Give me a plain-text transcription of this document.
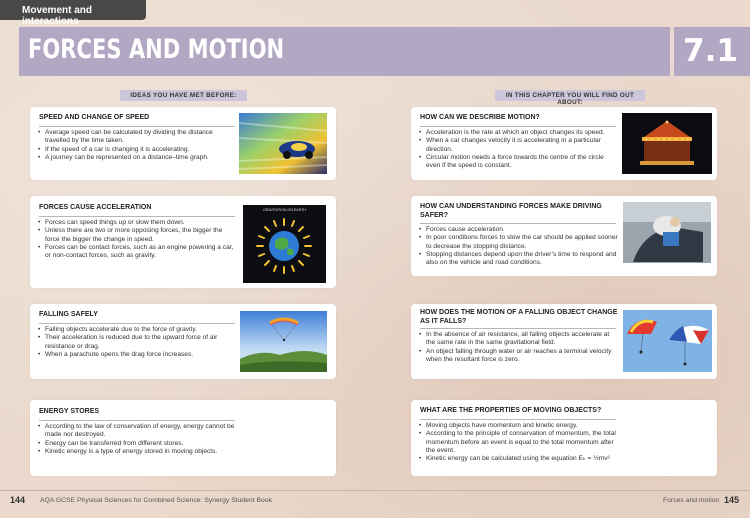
Movement and interactions
FORCES AND MOTION	7.1
IDEAS YOU HAVE MET BEFORE:	IN THIS CHAPTER YOU WILL FIND OUT ABOUT:
SPEED AND CHANGE OF SPEED
• Average speed can be calculated by dividing the distance travelled by the time taken.
• If the speed of a car is changing it is accelerating.
• A journey can be represented on a distance–time graph.
FORCES CAUSE ACCELERATION
• Forces can speed things up or slow them down.
• Unless there are two or more opposing forces, the bigger the force the bigger the change in speed.
• Forces can be contact forces, such as an engine powering a car, or non-contact forces, such as gravity.
GRAVITATION ON EARTH
FALLING SAFELY
• Falling objects accelerate due to the force of gravity.
• Their acceleration is reduced due to the upward force of air resistance or drag.
• When a parachute opens the drag force increases.
ENERGY STORES
• According to the law of conservation of energy, energy cannot be made nor destroyed.
• Energy can be transferred from different stores.
• Kinetic energy is a type of energy stored in moving objects.
HOW CAN WE DESCRIBE MOTION?
• Acceleration is the rate at which an object changes its speed.
• When a car changes velocity it is accelerating in a particular direction.
• Circular motion needs a force towards the centre of the circle even if the speed is constant.
HOW CAN UNDERSTANDING FORCES MAKE DRIVING SAFER?
• Forces cause acceleration.
• In poor conditions forces to slow the car should be applied sooner to decrease the stopping distance.
• Stopping distances depend upon the driver’s time to respond and also on the vehicle and road conditions.
HOW DOES THE MOTION OF A FALLING OBJECT CHANGE AS IT FALLS?
• In the absence of air resistance, all falling objects accelerate at the same rate in the same gravitational field.
• An object falling through water or air reaches a terminal velocity when the resultant force is zero.
WHAT ARE THE PROPERTIES OF MOVING OBJECTS?
• Moving objects have momentum and kinetic energy.
• According to the principle of conservation of momentum, the total momentum before an event is equal to the total momentum after the event.
• Kinetic energy can be calculated using the equation Eₖ = ½mv²
144 AQA GCSE Physical Sciences for Combined Science: Synergy Student Book	Forces and motion 145
